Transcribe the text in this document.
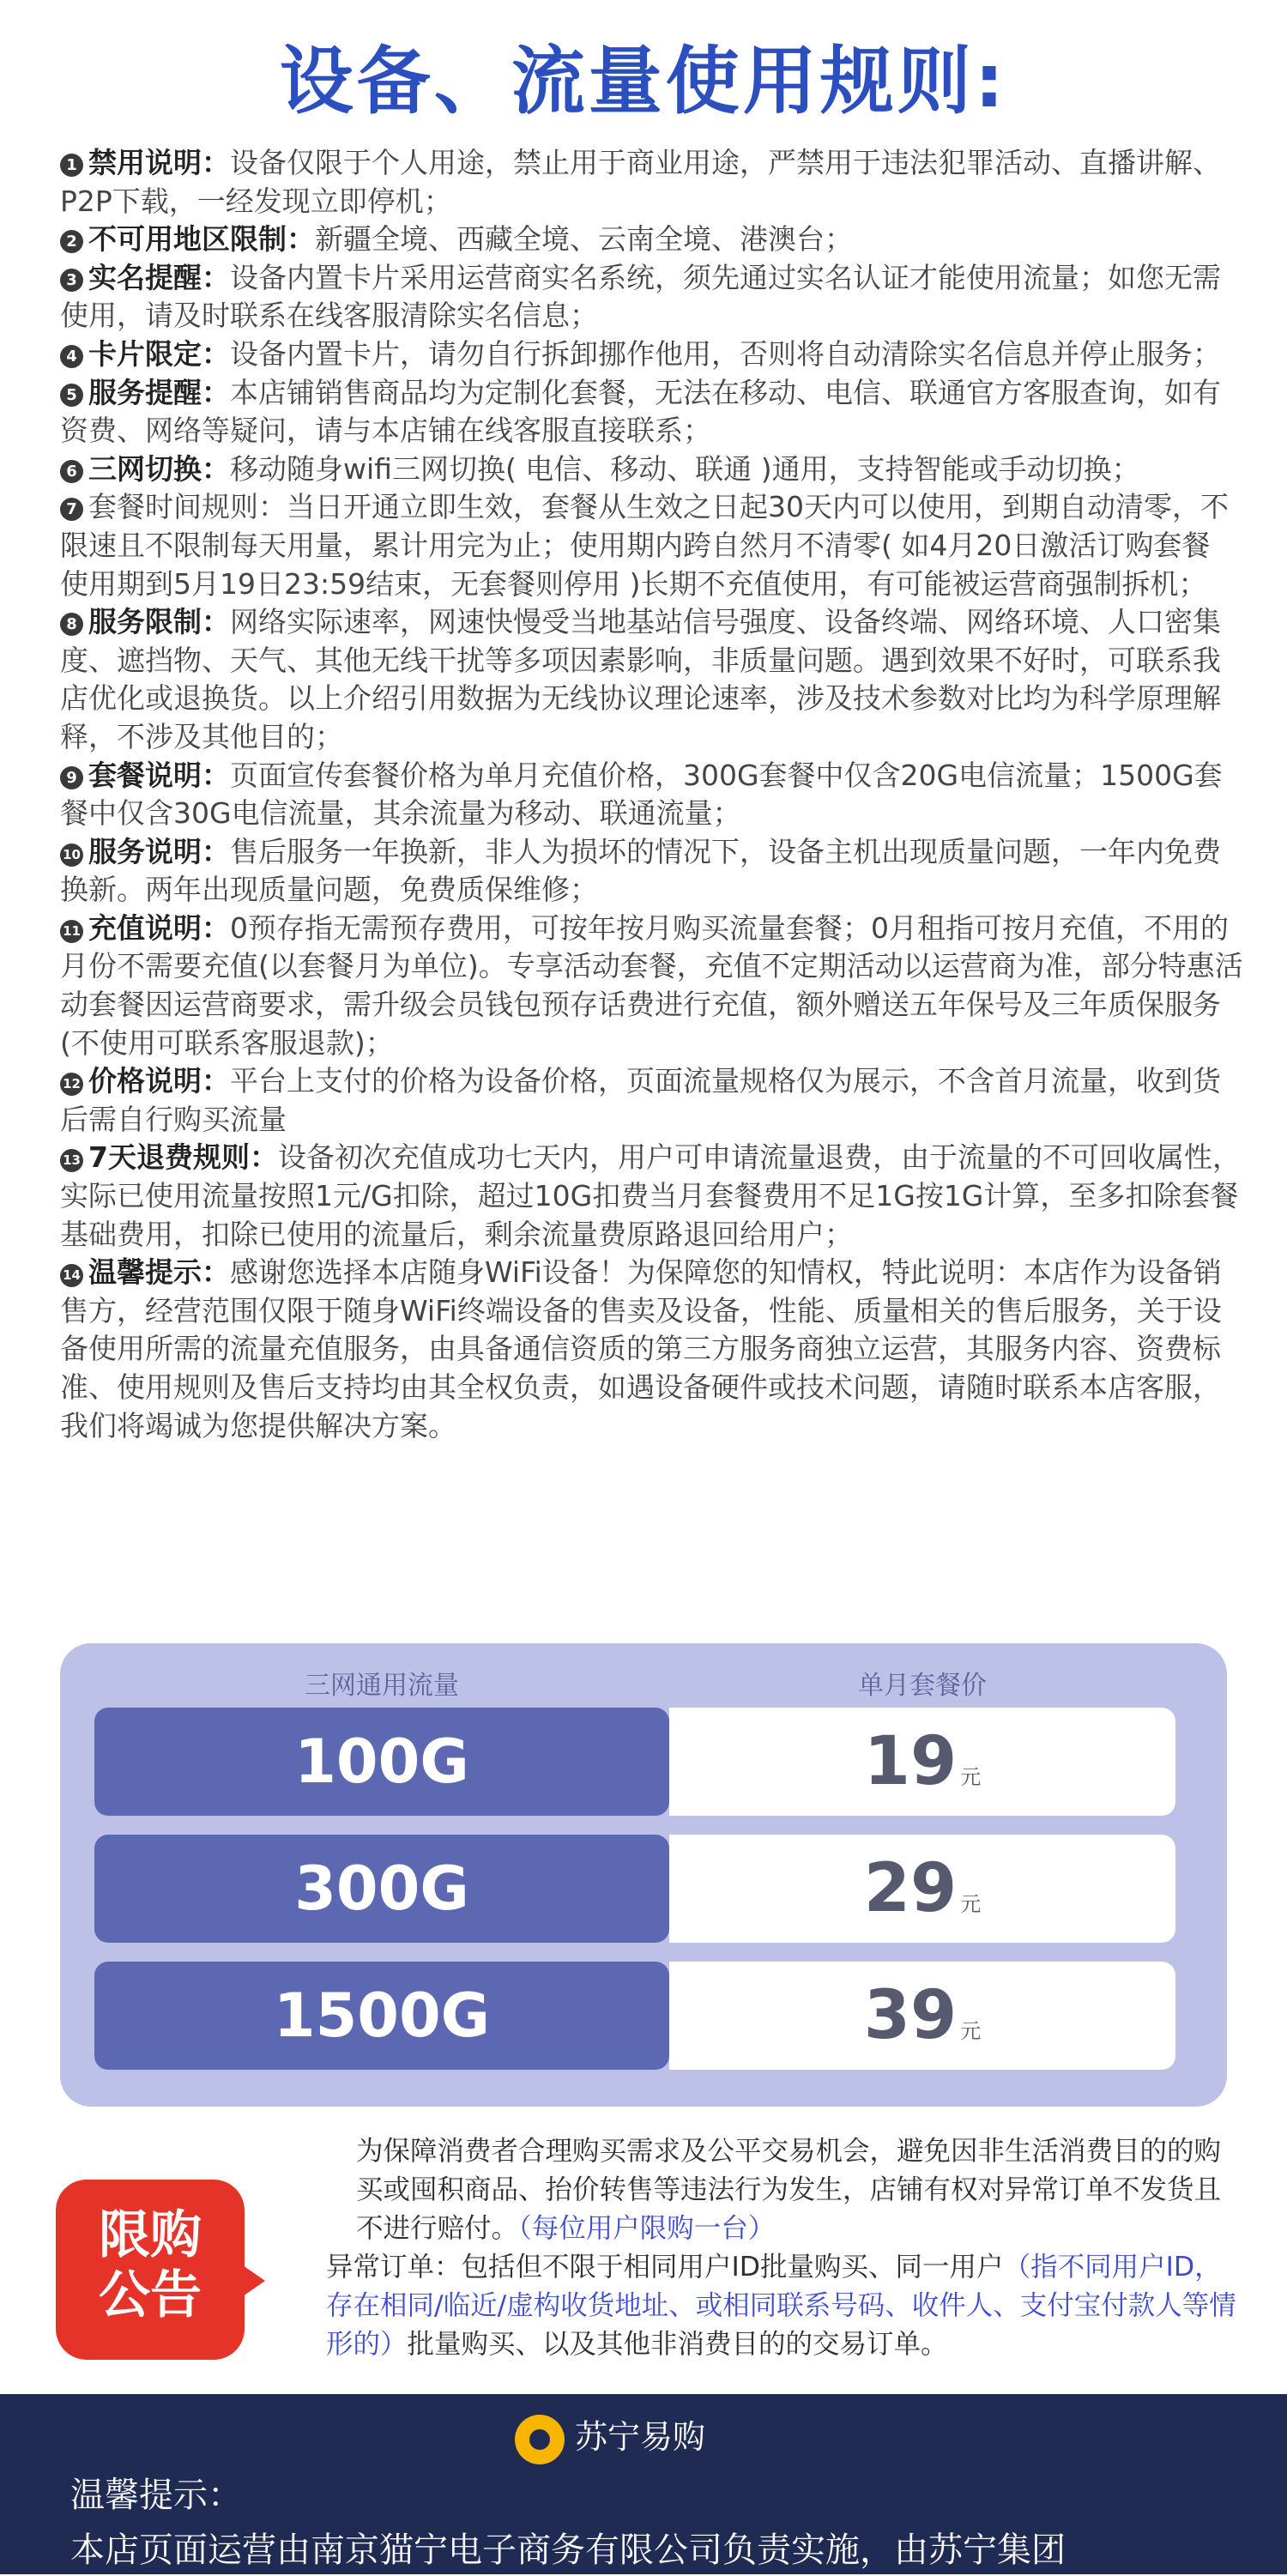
设备、流量使用规则:

1 禁用说明：设备仅限于个人用途，禁止用于商业用途，严禁用于违法犯罪活动、直播讲解、P2P下载，一经发现立即停机；

2 不可用地区限制：新疆全境、西藏全境、云南全境、港澳台；

3 实名提醒：设备内置卡片采用运营商实名系统，须先通过实名认证才能使用流量；如您无需使用，请及时联系在线客服清除实名信息；

4 卡片限定：设备内置卡片，请勿自行拆卸挪作他用，否则将自动清除实名信息并停止服务；

5 服务提醒：本店铺销售商品均为定制化套餐，无法在移动、电信、联通官方客服查询，如有资费、网络等疑问，请与本店铺在线客服直接联系；

6 三网切换：移动随身wifi三网切换( 电信、移动、联通 )通用，支持智能或手动切换；

7 套餐时间规则：当日开通立即生效，套餐从生效之日起30天内可以使用，到期自动清零，不限速且不限制每天用量，累计用完为止；使用期内跨自然月不清零( 如4月20日激活订购套餐 使用期到5月19日23:59结束，无套餐则停用 )长期不充值使用，有可能被运营商强制拆机；

8 服务限制：网络实际速率，网速快慢受当地基站信号强度、设备终端、网络环境、人口密集度、遮挡物、天气、其他无线干扰等多项因素影响，非质量问题。遇到效果不好时，可联系我店优化或退换货。以上介绍引用数据为无线协议理论速率，涉及技术参数对比均为科学原理解释，不涉及其他目的；

9 套餐说明：页面宣传套餐价格为单月充值价格，300G套餐中仅含20G电信流量；1500G套餐中仅含30G电信流量，其余流量为移动、联通流量；

10 服务说明：售后服务一年换新，非人为损坏的情况下，设备主机出现质量问题，一年内免费换新。两年出现质量问题，免费质保维修；

11 充值说明：0预存指无需预存费用，可按年按月购买流量套餐；0月租指可按月充值，不用的月份不需要充值(以套餐月为单位)。专享活动套餐，充值不定期活动以运营商为准，部分特惠活动套餐因运营商要求，需升级会员钱包预存话费进行充值，额外赠送五年保号及三年质保服务(不使用可联系客服退款)；

12 价格说明：平台上支付的价格为设备价格，页面流量规格仅为展示，不含首月流量，收到货后需自行购买流量

13 7天退费规则：设备初次充值成功七天内，用户可申请流量退费，由于流量的不可回收属性，实际已使用流量按照1元/G扣除，超过10G扣费当月套餐费用不足1G按1G计算，至多扣除套餐基础费用，扣除已使用的流量后，剩余流量费原路退回给用户；

14 温馨提示：感谢您选择本店随身WiFi设备！为保障您的知情权，特此说明：本店作为设备销售方，经营范围仅限于随身WiFi终端设备的售卖及设备，性能、质量相关的售后服务，关于设备使用所需的流量充值服务，由具备通信资质的第三方服务商独立运营，其服务内容、资费标准、使用规则及售后支持均由其全权负责，如遇设备硬件或技术问题，请随时联系本店客服，我们将竭诚为您提供解决方案。

三网通用流量	单月套餐价
100G	19 元
300G	29 元
1500G	39 元
限购
公告

为保障消费者合理购买需求及公平交易机会，避免因非生活消费目的的购买或囤积商品、抬价转售等违法行为发生，店铺有权对异常订单不发货且不进行赔付。（每位用户限购一台）

异常订单：包括但不限于相同用户ID批量购买、同一用户（指不同用户ID，存在相同/临近/虚构收货地址、或相同联系号码、收件人、支付宝付款人等情形的）批量购买、以及其他非消费目的的交易订单。

苏宁易购
温馨提示：
本店页面运营由南京猫宁电子商务有限公司负责实施，由苏宁集团
